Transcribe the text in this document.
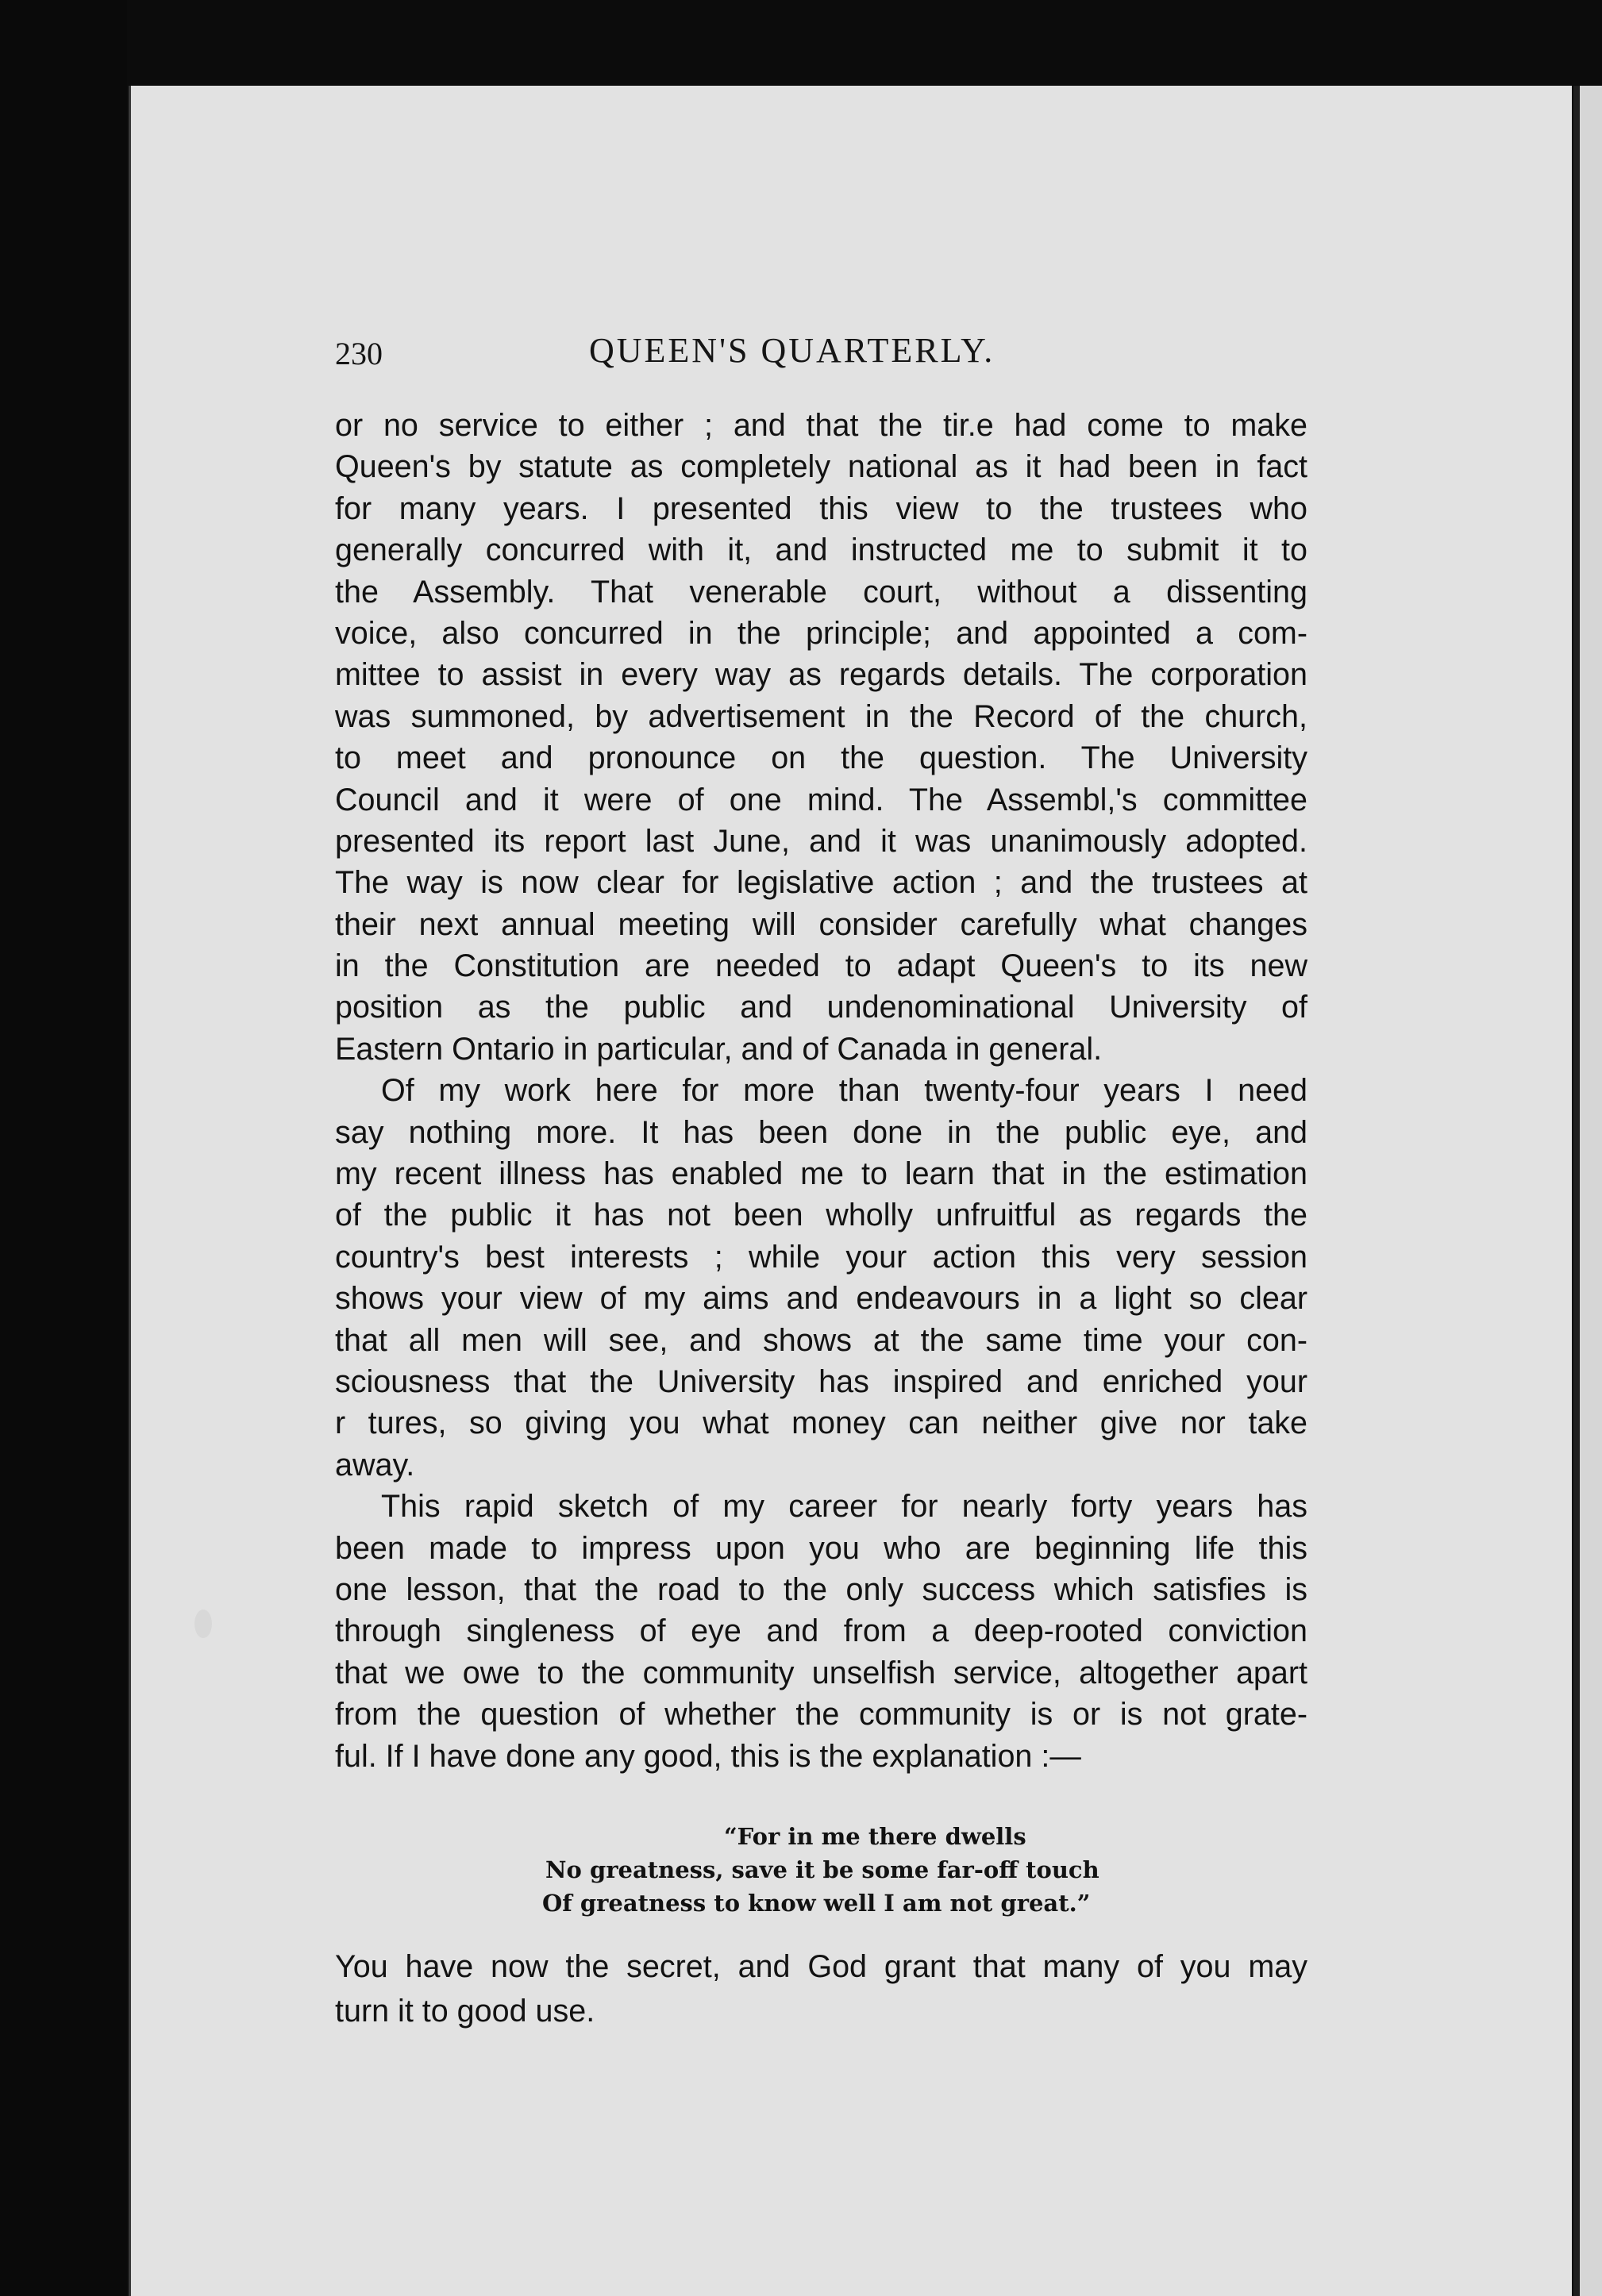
230	QUEEN'S QUARTERLY.
or no service to either ; and that the tir.e had come to make
Queen's by statute as completely national as it had been in fact
for many years. I presented this view to the trustees who
generally concurred with it, and instructed me to submit it to
the Assembly. That venerable court, without a dissenting
voice, also concurred in the principle; and appointed a com-
mittee to assist in every way as regards details. The corporation
was summoned, by advertisement in the Record of the church,
to meet and pronounce on the question. The University
Council and it were of one mind. The Assembl,'s committee
presented its report last June, and it was unanimously adopted.
The way is now clear for legislative action ; and the trustees at
their next annual meeting will consider carefully what changes
in the Constitution are needed to adapt Queen's to its new
position as the public and undenominational University of
Eastern Ontario in particular, and of Canada in general.
Of my work here for more than twenty-four years I need
say nothing more. It has been done in the public eye, and
my recent illness has enabled me to learn that in the estimation
of the public it has not been wholly unfruitful as regards the
country's best interests ; while your action this very session
shows your view of my aims and endeavours in a light so clear
that all men will see, and shows at the same time your con-
sciousness that the University has inspired and enriched your
r tures, so giving you what money can neither give nor take
away.
This rapid sketch of my career for nearly forty years has
been made to impress upon you who are beginning life this
one lesson, that the road to the only success which satisfies is
through singleness of eye and from a deep-rooted conviction
that we owe to the community unselfish service, altogether apart
from the question of whether the community is or is not grate-
ful. If I have done any good, this is the explanation :—
“For in me there dwells
No greatness, save it be some far-off touch
Of greatness to know well I am not great.”
You have now the secret, and God grant that many of you may
turn it to good use.
